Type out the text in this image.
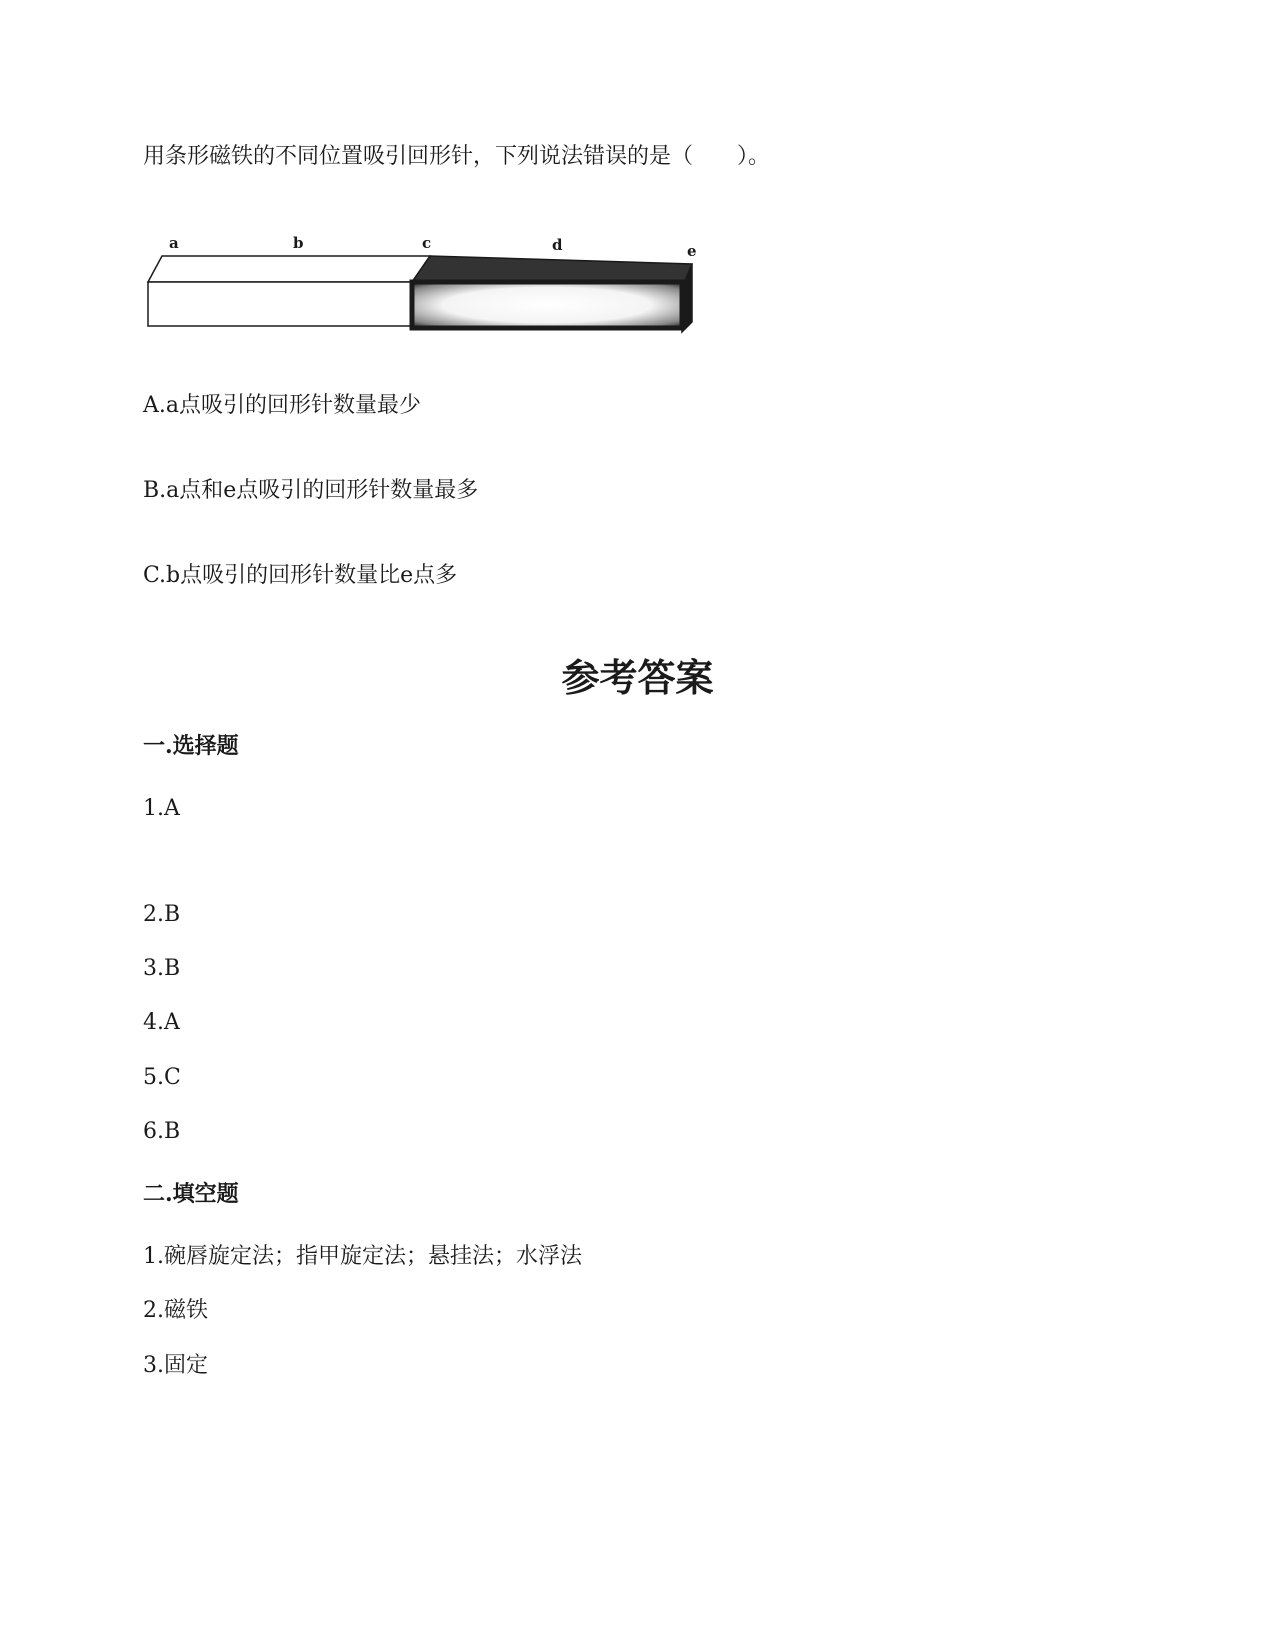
用条形磁铁的不同位置吸引回形针，下列说法错误的是（　　）。
a	b	c	d	e
A.a点吸引的回形针数量最少
B.a点和e点吸引的回形针数量最多
C.b点吸引的回形针数量比e点多
参考答案
一.选择题
1.A
2.B
3.B
4.A
5.C
6.B
二.填空题
1.碗唇旋定法；指甲旋定法；悬挂法；水浮法
2.磁铁
3.固定
